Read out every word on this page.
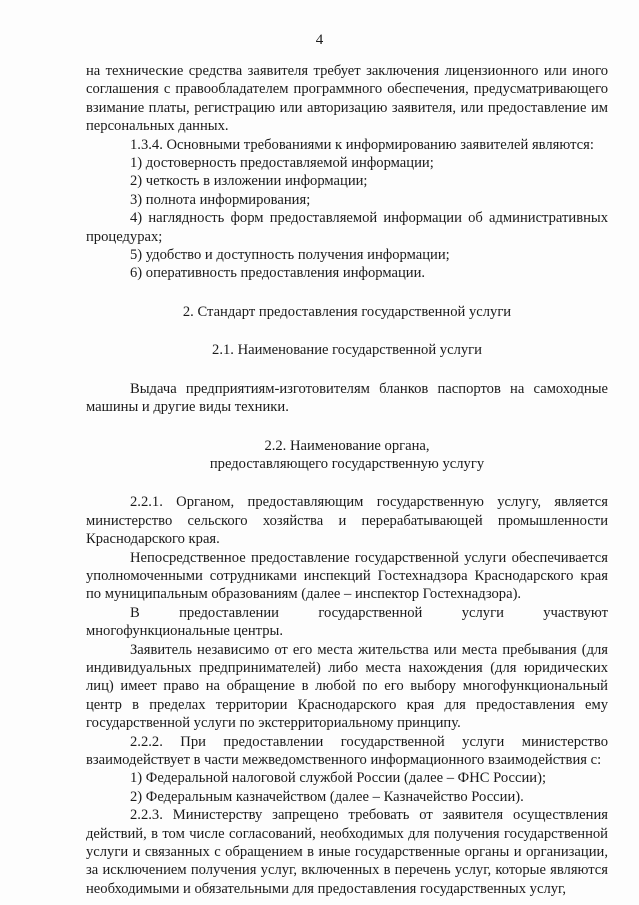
4

на технические средства заявителя требует заключения лицензионного или иного соглашения с правообладателем программного обеспечения, предусматривающего взимание платы, регистрацию или авторизацию заявителя, или предоставление им персональных данных.

1.3.4. Основными требованиями к информированию заявителей являются:

1) достоверность предоставляемой информации;

2) четкость в изложении информации;

3) полнота информирования;

4) наглядность форм предоставляемой информации об административных процедурах;

5) удобство и доступность получения информации;

6) оперативность предоставления информации.

2. Стандарт предоставления государственной услуги

2.1. Наименование государственной услуги

Выдача предприятиям-изготовителям бланков паспортов на самоходные машины и другие виды техники.

2.2. Наименование органа,

предоставляющего государственную услугу

2.2.1. Органом, предоставляющим государственную услугу, является министерство сельского хозяйства и перерабатывающей промышленности Краснодарского края.

Непосредственное предоставление государственной услуги обеспечивается уполномоченными сотрудниками инспекций Гостехнадзора Краснодарского края по муниципальным образованиям (далее – инспектор Гостехнадзора).

В предоставлении государственной услуги участвуют многофункциональные центры.

Заявитель независимо от его места жительства или места пребывания (для индивидуальных предпринимателей) либо места нахождения (для юридических лиц) имеет право на обращение в любой по его выбору многофункциональный центр в пределах территории Краснодарского края для предоставления ему государственной услуги по экстерриториальному принципу.

2.2.2. При предоставлении государственной услуги министерство взаимодействует в части межведомственного информационного взаимодействия с:

1) Федеральной налоговой службой России (далее – ФНС России);

2) Федеральным казначейством (далее – Казначейство России).

2.2.3. Министерству запрещено требовать от заявителя осуществления действий, в том числе согласований, необходимых для получения государственной услуги и связанных с обращением в иные государственные органы и организации, за исключением получения услуг, включенных в перечень услуг, которые являются необходимыми и обязательными для предоставления государственных услуг,
